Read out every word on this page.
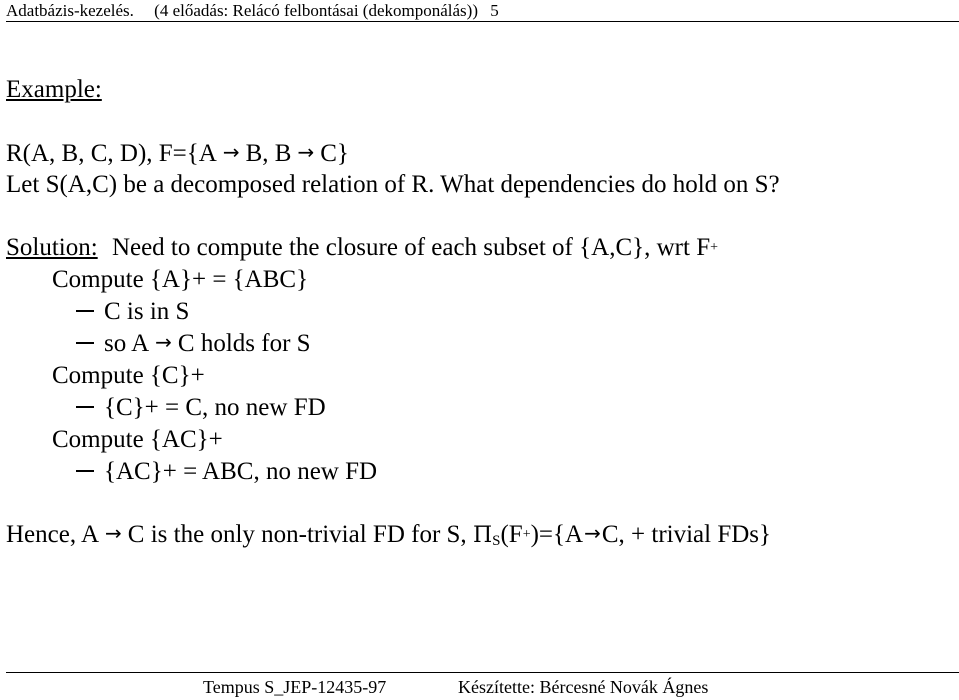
Adatbázis-kezelés. (4 előadás: Relácó felbontásai (dekomponálás)) 5
Example:
R(A, B, C, D), F={A → B, B → C}
Let S(A,C) be a decomposed relation of R. What dependencies do hold on S?
Solution: Need to compute the closure of each subset of {A,C}, wrt F+
Compute {A}+ = {ABC}
C is in S
so A → C holds for S
Compute {C}+
{C}+ = C, no new FD
Compute {AC}+
{AC}+ = ABC, no new FD
Hence, A → C is the only non-trivial FD for S, $\Pi_S(F^+)=\{A\to C$, + trivial FDs}
Tempus S_JEP-12435-97	Készítette: Bércesné Novák Ágnes
